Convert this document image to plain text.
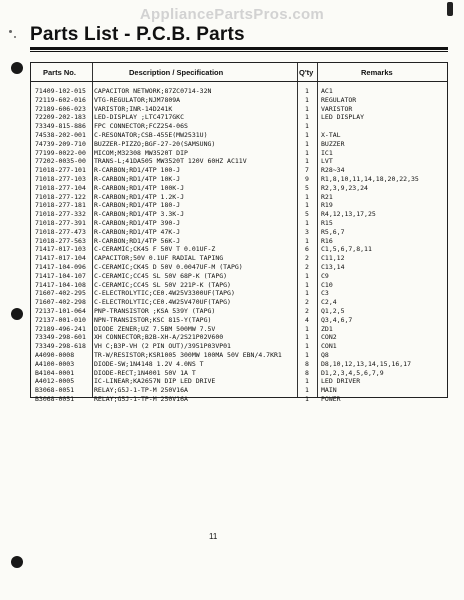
AppliancePartsPros.com
Parts List - P.C.B. Parts
Parts No.	Description / Specification	Q'ty	Remarks
71409-102-015	CAPACITOR NETWORK;87ZC0714-32N	1	AC1
72119-602-016	VTG-REGULATOR;NJM7809A	1	REGULATOR
72189-606-023	VARISTOR;INR-14D241K	1	VARISTOR
72209-202-183	LED-DISPLAY ;LTC4717GKC	1	LED DISPLAY
73349-815-886	FPC CONNECTOR;FCZ254-06S	1
74538-202-001	C-RESONATOR;CSB-455E(MW2531U)	1	X-TAL
74739-209-710	BUZZER-PIZZO;BGF-27-20(SAMSUNG)	1	BUZZER
77199-0022-00	MICOM;M32308 MW3520T DIP	1	IC1
77202-0035-00	TRANS-L;41DA505 MW3520T 120V 60HZ AC11V	1	LVT
71018-277-101	R-CARBON;RD1/4TP 100-J	7	R28~34
71018-277-103	R-CARBON;RD1/4TP 10K-J	9	R1,8,10,11,14,18,20,22,35
71018-277-104	R-CARBON;RD1/4TP 100K-J	5	R2,3,9,23,24
71018-277-122	R-CARBON;RD1/4TP 1.2K-J	1	R21
71018-277-181	R-CARBON;RD1/4TP 180-J	1	R19
71018-277-332	R-CARBON;RD1/4TP 3.3K-J	5	R4,12,13,17,25
71018-277-391	R-CARBON;RD1/4TP 390-J	1	R15
71018-277-473	R-CARBON;RD1/4TP 47K-J	3	R5,6,7
71018-277-563	R-CARBON;RD1/4TP 56K-J	1	R16
71417-017-103	C-CERAMIC;CK45 F 50V T 0.01UF-Z	6	C1,5,6,7,8,11
71417-017-104	CAPACITOR;50V 0.1UF RADIAL TAPING	2	C11,12
71417-104-096	C-CERAMIC;CK45 D 50V 0.0047UF-M (TAPG)	2	C13,14
71417-104-107	C-CERAMIC;CC45 SL 50V 68P-K (TAPG)	1	C9
71417-104-108	C-CERAMIC;CC45 SL 50V 221P-K (TAPG)	1	C10
71607-402-295	C-ELECTROLYTIC;CE0.4W25V3300UF(TAPG)	1	C3
71607-402-298	C-ELECTROLYTIC;CE0.4W25V470UF(TAPG)	2	C2,4
72137-101-064	PNP-TRANSISTOR ;KSA 539Y (TAPG)	2	Q1,2,5
72137-001-010	NPN-TRANSISTOR;KSC 815-Y(TAPG)	4	Q3,4,6,7
72189-496-241	DIODE ZENER;UZ 7.5BM 500MW 7.5V	1	ZD1
73349-298-601	XH CONNECTOR;B2B-XH-A/2S21P02V600	1	CON2
73349-298-618	VH C;B3P-VH (2 PIN OUT)/3951P03VP01	1	CON1
A4090-0008	TR-W/RESISTOR;KSR1005 300MW 100MA 50V EBN/4.7KR1	1	Q8
A4100-0003	DIODE-SW;1N4148 1.2V 4.0NS T	8	D8,10,12,13,14,15,16,17
B4104-0001	DIODE-RECT;1N4001 50V 1A T	8	D1,2,3,4,5,6,7,9
A4012-0005	IC-LINEAR;KA2657N DIP LED DRIVE	1	LED DRIVER
B3068-0051	RELAY;G5J-1-TP-M 250V16A	1	MAIN
B3068-0051	RELAY;G5J-1-TP-M 250V16A	1	POWER
11
